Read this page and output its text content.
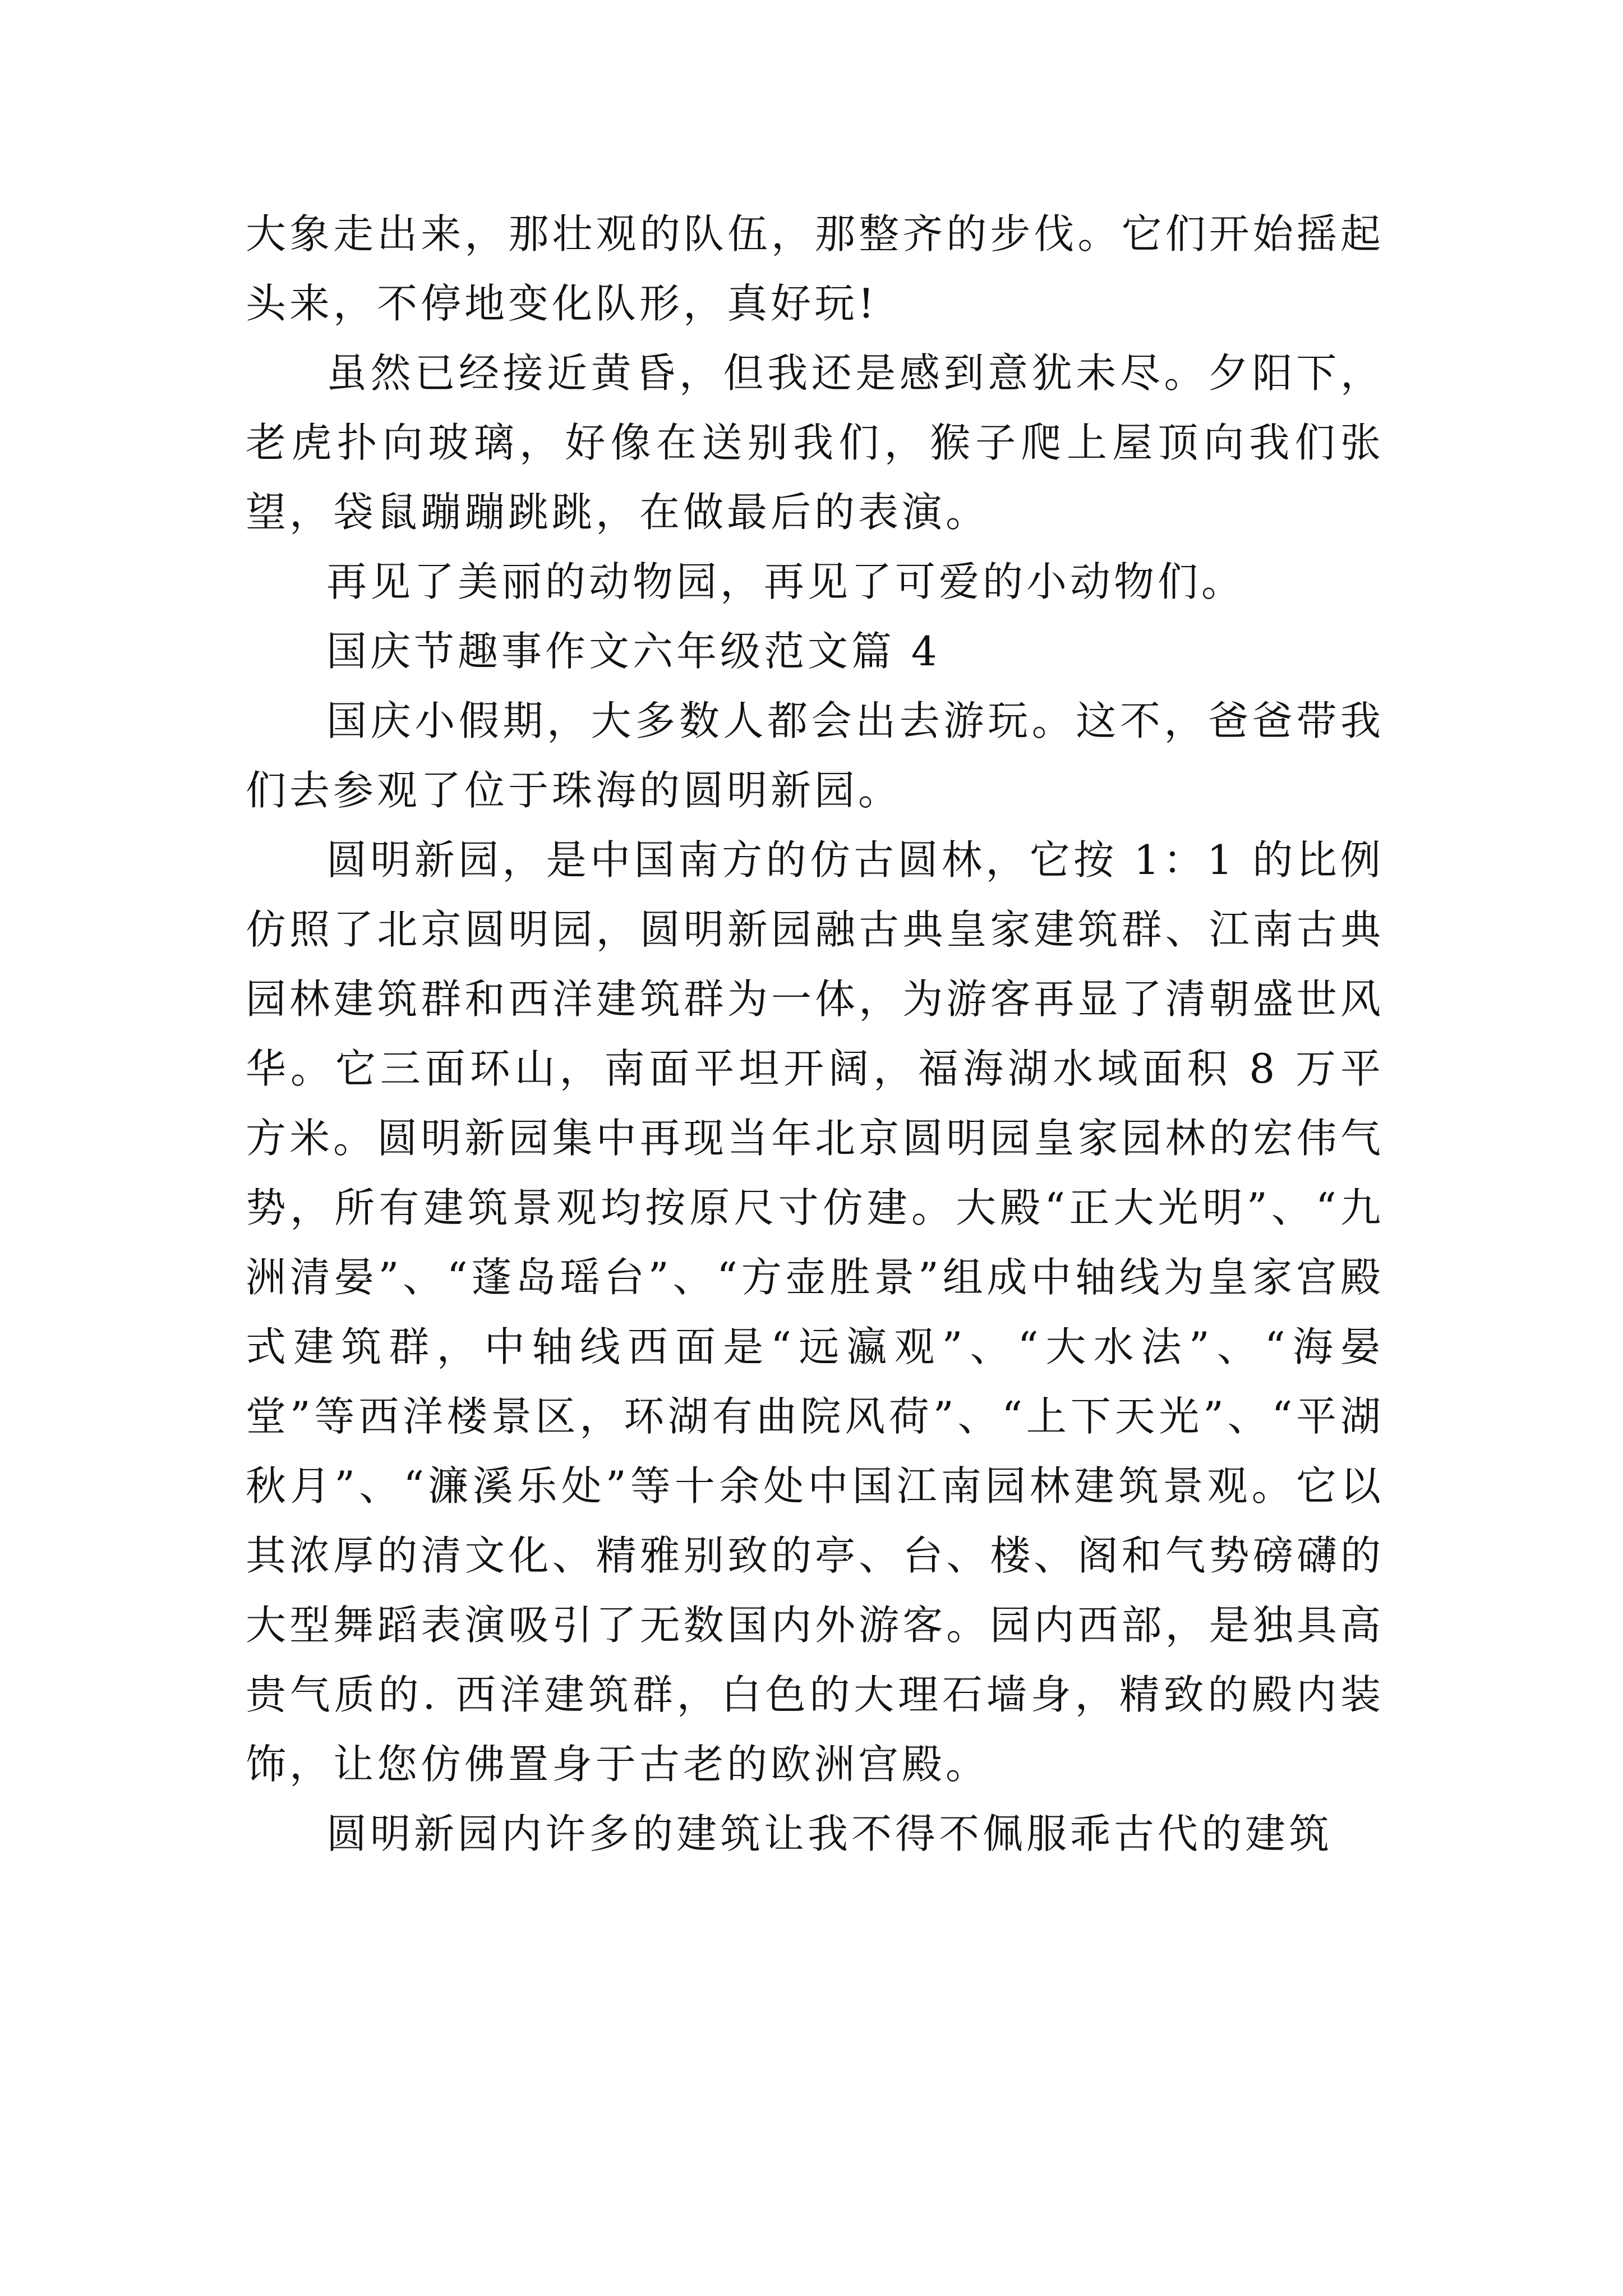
大象走出来，那壮观的队伍，那整齐的步伐。它们开始摇起头来，不停地变化队形，真好玩!

虽然已经接近黄昏，但我还是感到意犹未尽。夕阳下，老虎扑向玻璃，好像在送别我们，猴子爬上屋顶向我们张望，袋鼠蹦蹦跳跳，在做最后的表演。

再见了美丽的动物园，再见了可爱的小动物们。

国庆节趣事作文六年级范文篇 4

国庆小假期，大多数人都会出去游玩。这不，爸爸带我们去参观了位于珠海的圆明新园。

圆明新园，是中国南方的仿古圆林，它按 1：1 的比例仿照了北京圆明园，圆明新园融古典皇家建筑群、江南古典园林建筑群和西洋建筑群为一体，为游客再显了清朝盛世风华。它三面环山，南面平坦开阔，福海湖水域面积 8 万平方米。圆明新园集中再现当年北京圆明园皇家园林的宏伟气势，所有建筑景观均按原尺寸仿建。大殿“正大光明”、“九洲清晏”、“蓬岛瑶台”、“方壶胜景”组成中轴线为皇家宫殿式建筑群，中轴线西面是“远瀛观”、“大水法”、“海晏堂”等西洋楼景区，环湖有曲院风荷”、“上下天光”、“平湖秋月”、“濂溪乐处”等十余处中国江南园林建筑景观。它以其浓厚的清文化、精雅别致的亭、台、楼、阁和气势磅礴的大型舞蹈表演吸引了无数国内外游客。园内西部，是独具高贵气质的. 西洋建筑群，白色的大理石墙身，精致的殿内装饰，让您仿佛置身于古老的欧洲宫殿。

圆明新园内许多的建筑让我不得不佩服乖古代的建筑
